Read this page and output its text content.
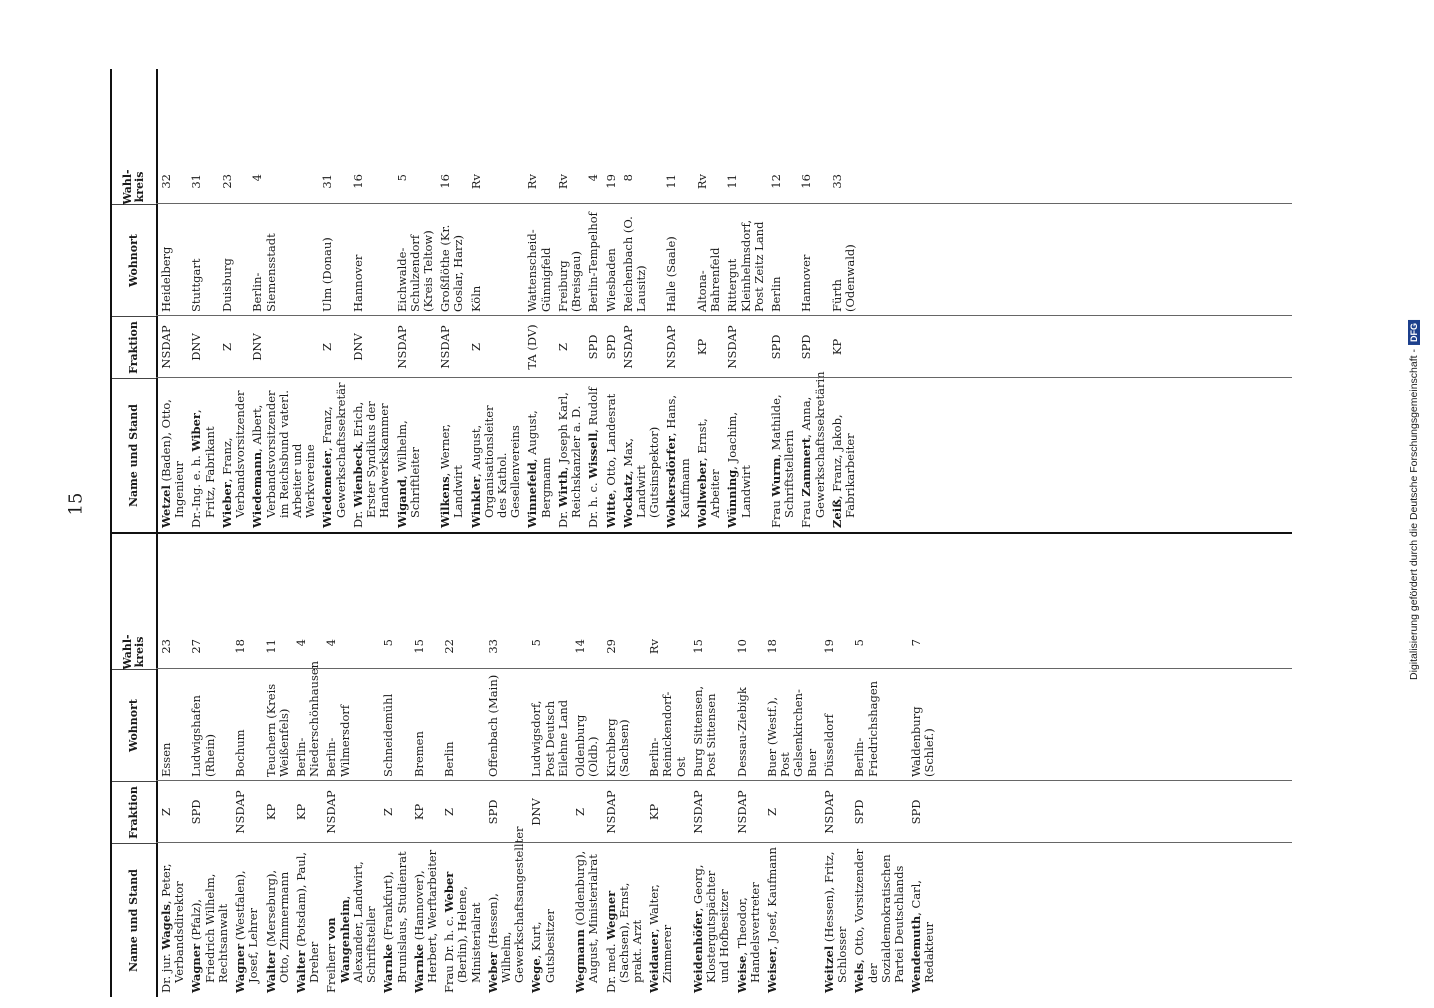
Digitalisierung gefördert durch die Deutsche Forschungsgemeinschaft -
DFG
15
Name und Stand
Fraktion
Wohnort
Wahl-kreis
Dr. jur. Wagels, Peter, Verbandsdirektor
Z
Essen
23
Wagner (Pfalz), Friedrich Wilhelm, Rechtsanwalt
SPD
Ludwigshafen (Rhein)
27
Wagner (Westfalen), Josef, Lehrer
NSDAP
Bochum
18
Walter (Merseburg), Otto, Zimmermann
KP
Teuchern (Kreis Weißenfels)
11
Walter (Potsdam), Paul, Dreher
KP
Berlin-Niederschönhausen
4
Freiherr von Wangenheim, Alexander, Landwirt, Schriftsteller
NSDAP
Berlin-Wilmersdorf
4
Warnke (Frankfurt), Brunislaus, Studienrat
Z
Schneidemühl
5
Warnke (Hannover), Herbert, Werftarbeiter
KP
Bremen
15
Frau Dr. h. c. Weber (Berlin), Helene, Ministerialrat
Z
Berlin
22
Weber (Hessen), Wilhelm, Gewerkschaftsangestellter
SPD
Offenbach (Main)
33
Wege, Kurt, Gutsbesitzer
DNV
Ludwigsdorf, Post Deutsch Eilehne Land
5
Wegmann (Oldenburg), August, Ministerialrat
Z
Oldenburg (Oldb.)
14
Dr. med. Wegner (Sachsen), Ernst, prakt. Arzt
NSDAP
Kirchberg (Sachsen)
29
Weidauer, Walter, Zimmerer
KP
Berlin-Reinickendorf-Ost
Rv
Weidenhöfer, Georg, Klostergutspächter und Hofbesitzer
NSDAP
Burg Sittensen, Post Sittensen
15
Weise, Theodor, Handelsvertreter
NSDAP
Dessau-Ziebigk
10
Weiser, Josef, Kaufmann
Z
Buer (Westf.), Post Gelsenkirchen-Buer
18
Weitzel (Hessen), Fritz, Schlosser
NSDAP
Düsseldorf
19
Wels, Otto, Vorsitzender der Sozialdemokratischen Partei Deutschlands
SPD
Berlin-Friedrichshagen
5
Wendemuth, Carl, Redakteur
SPD
Waldenburg (Schlef.)
7
Name und Stand
Fraktion
Wohnort
Wahl-kreis
Wetzel (Baden), Otto, Ingenieur
NSDAP
Heidelberg
32
Dr.-Ing. e. h. Wiber, Fritz, Fabrikant
DNV
Stuttgart
31
Wieber, Franz, Verbandsvorsitzender
Z
Duisburg
23
Wiedemann, Albert, Verbandsvorsitzender im Reichsbund vaterl. Arbeiter und Werkvereine
DNV
Berlin-Siemensstadt
4
Wiedemeier, Franz, Gewerkschaftssekretär
Z
Ulm (Donau)
31
Dr. Wienbeck, Erich, Erster Syndikus der Handwerkskammer
DNV
Hannover
16
Wigand, Wilhelm, Schriftleiter
NSDAP
Eichwalde-Schulzendorf (Kreis Teltow)
5
Wilkens, Werner, Landwirt
NSDAP
Großflöthe (Kr. Goslar, Harz)
16
Winkler, August, Organisationsleiter des Kathol. Gesellenvereins
Z
Köln
Rv
Winnefeld, August, Bergmann
TA (DV)
Wattenscheid-Günnigfeld
Rv
Dr. Wirth, Joseph Karl, Reichskanzler a. D.
Z
Freiburg (Breisgau)
Rv
Dr. h. c. Wissell, Rudolf
SPD
Berlin-Tempelhof
4
Witte, Otto, Landesrat
SPD
Wiesbaden
19
Wockatz, Max, Landwirt (Gutsinspektor)
NSDAP
Reichenbach (O. Lausitz)
8
Wolkersdörfer, Hans, Kaufmann
NSDAP
Halle (Saale)
11
Wollweber, Ernst, Arbeiter
KP
Altona-Bahrenfeld
Rv
Wünning, Joachim, Landwirt
NSDAP
Rittergut Kleinhelmsdorf, Post Zeitz Land
11
Frau Wurm, Mathilde, Schriftstellerin
SPD
Berlin
12
Frau Zammert, Anna, Gewerkschaftssekretärin
SPD
Hannover
16
Zeiß, Franz, Jakob, Fabrikarbeiter
KP
Fürth (Odenwald)
33
